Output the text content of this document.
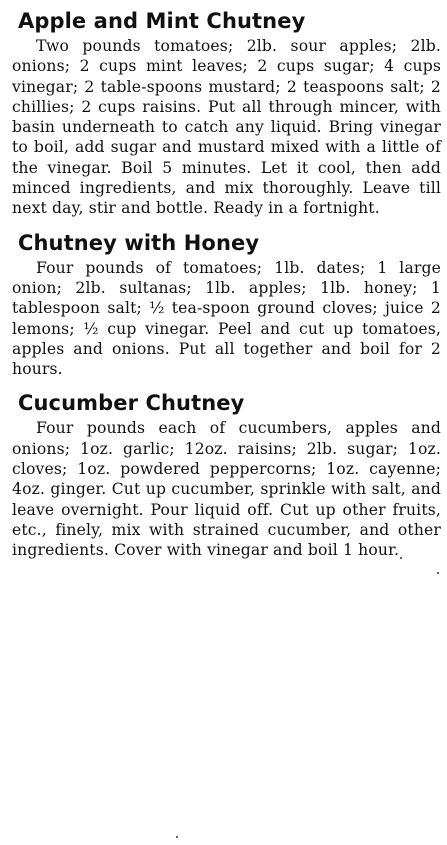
Apple and Mint Chutney

Two pounds tomatoes; 2lb. sour apples; 2lb. onions; 2 cups mint leaves; 2 cups sugar; 4 cups vinegar; 2 table-spoons mustard; 2 teaspoons salt; 2 chillies; 2 cups raisins. Put all through mincer, with basin underneath to catch any liquid. Bring vinegar to boil, add sugar and mustard mixed with a little of the vinegar. Boil 5 minutes. Let it cool, then add minced ingredients, and mix thoroughly. Leave till next day, stir and bottle. Ready in a fortnight.

Chutney with Honey

Four pounds of tomatoes; 1lb. dates; 1 large onion; 2lb. sultanas; 1lb. apples; 1lb. honey; 1 tablespoon salt; ½ tea-spoon ground cloves; juice 2 lemons; ½ cup vinegar. Peel and cut up tomatoes, apples and onions. Put all together and boil for 2 hours.

Cucumber Chutney

Four pounds each of cucumbers, apples and onions; 1oz. garlic; 12oz. raisins; 2lb. sugar; 1oz. cloves; 1oz. powdered peppercorns; 1oz. cayenne; 4oz. ginger. Cut up cucumber, sprinkle with salt, and leave overnight. Pour liquid off. Cut up other fruits, etc., finely, mix with strained cucumber, and other ingredients. Cover with vinegar and boil 1 hour.
